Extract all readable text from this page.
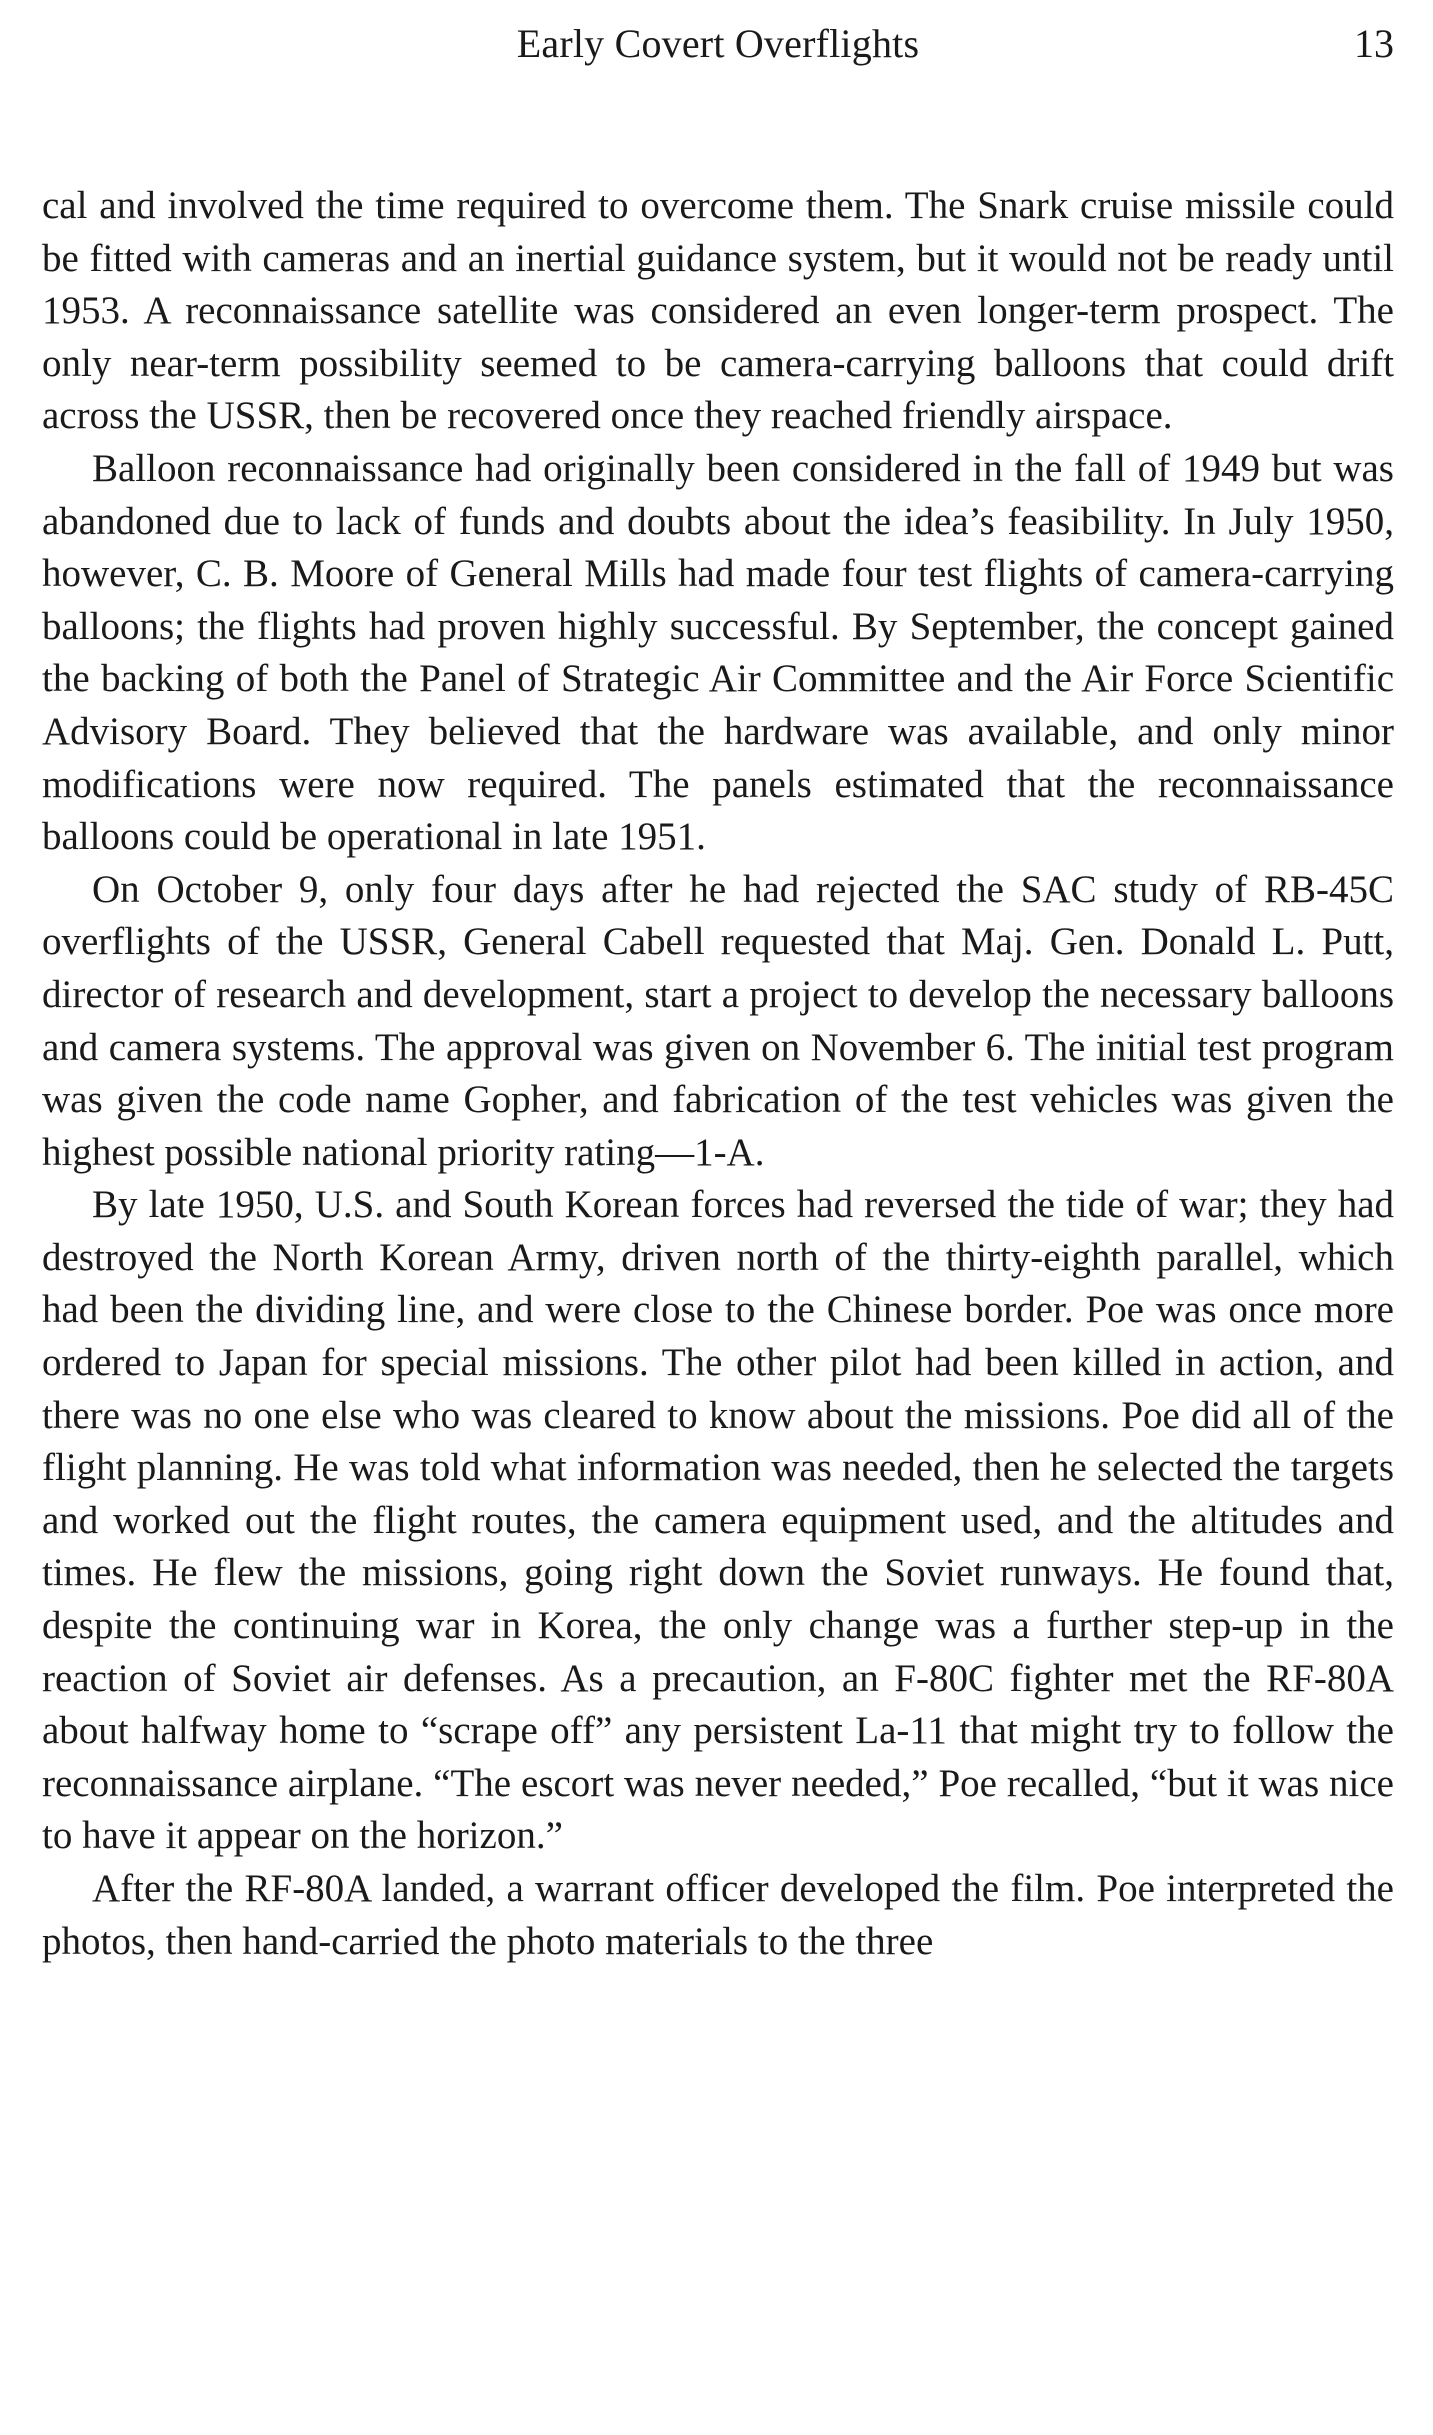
Early Covert Overflights	13

cal and involved the time required to overcome them. The Snark cruise missile could be fitted with cameras and an inertial guidance system, but it would not be ready until 1953. A reconnaissance satellite was considered an even longer-term prospect. The only near-term possibility seemed to be camera-carrying balloons that could drift across the USSR, then be recovered once they reached friendly airspace.

Balloon reconnaissance had originally been considered in the fall of 1949 but was abandoned due to lack of funds and doubts about the idea’s feasibility. In July 1950, however, C. B. Moore of General Mills had made four test flights of camera-carrying balloons; the flights had proven highly successful. By September, the concept gained the backing of both the Panel of Strategic Air Committee and the Air Force Scientific Advisory Board. They believed that the hardware was available, and only minor modifications were now required. The panels estimated that the reconnaissance balloons could be operational in late 1951.

On October 9, only four days after he had rejected the SAC study of RB-45C overflights of the USSR, General Cabell requested that Maj. Gen. Donald L. Putt, director of research and development, start a project to develop the necessary balloons and camera systems. The approval was given on November 6. The initial test program was given the code name Gopher, and fabrication of the test vehicles was given the highest possible national priority rating—1-A.

By late 1950, U.S. and South Korean forces had reversed the tide of war; they had destroyed the North Korean Army, driven north of the thirty-eighth parallel, which had been the dividing line, and were close to the Chinese border. Poe was once more ordered to Japan for special missions. The other pilot had been killed in action, and there was no one else who was cleared to know about the missions. Poe did all of the flight planning. He was told what information was needed, then he selected the targets and worked out the flight routes, the camera equipment used, and the altitudes and times. He flew the missions, going right down the Soviet runways. He found that, despite the continuing war in Korea, the only change was a further step-up in the reaction of Soviet air defenses. As a precaution, an F-80C fighter met the RF-80A about halfway home to “scrape off” any persistent La-11 that might try to follow the reconnaissance airplane. “The escort was never needed,” Poe recalled, “but it was nice to have it appear on the horizon.”

After the RF-80A landed, a warrant officer developed the film. Poe interpreted the photos, then hand-carried the photo materials to the three
